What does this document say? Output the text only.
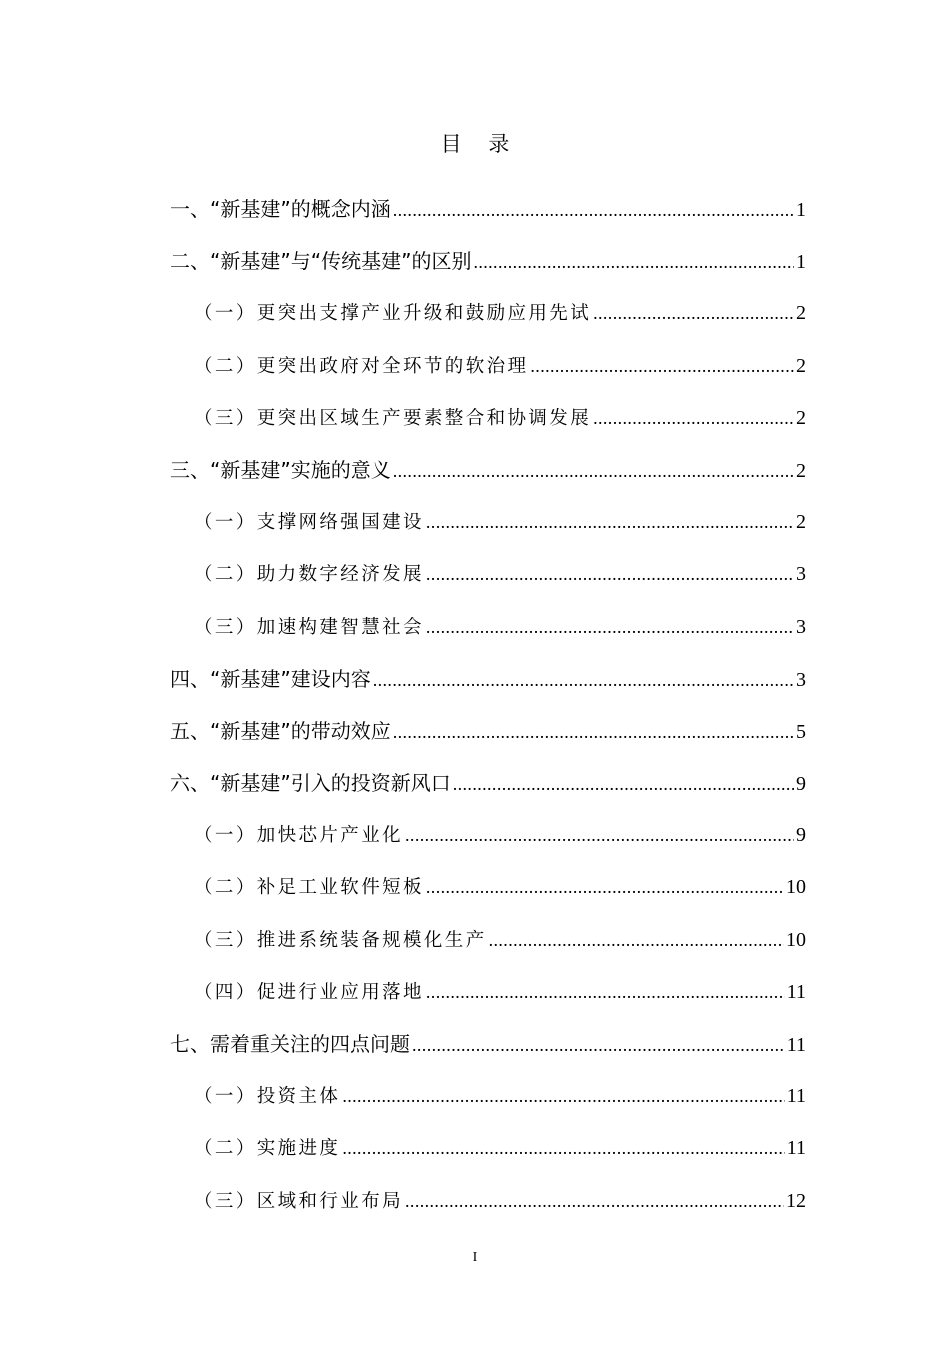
目 录
一、“新基建”的概念内涵 .....	1
二、“新基建”与“传统基建”的区别 .....	1
（一）更突出支撑产业升级和鼓励应用先试 .....	2
（二）更突出政府对全环节的软治理 .....	2
（三）更突出区域生产要素整合和协调发展 .....	2
三、“新基建”实施的意义 .....	2
（一）支撑网络强国建设 .....	2
（二）助力数字经济发展 .....	3
（三）加速构建智慧社会 .....	3
四、“新基建”建设内容 .....	3
五、“新基建”的带动效应 .....	5
六、“新基建”引入的投资新风口 .....	9
（一）加快芯片产业化 .....	9
（二）补足工业软件短板 .....	10
（三）推进系统装备规模化生产 .....	10
（四）促进行业应用落地 .....	11
七、需着重关注的四点问题 .....	11
（一）投资主体 .....	11
（二）实施进度 .....	11
（三）区域和行业布局 .....	12
I
